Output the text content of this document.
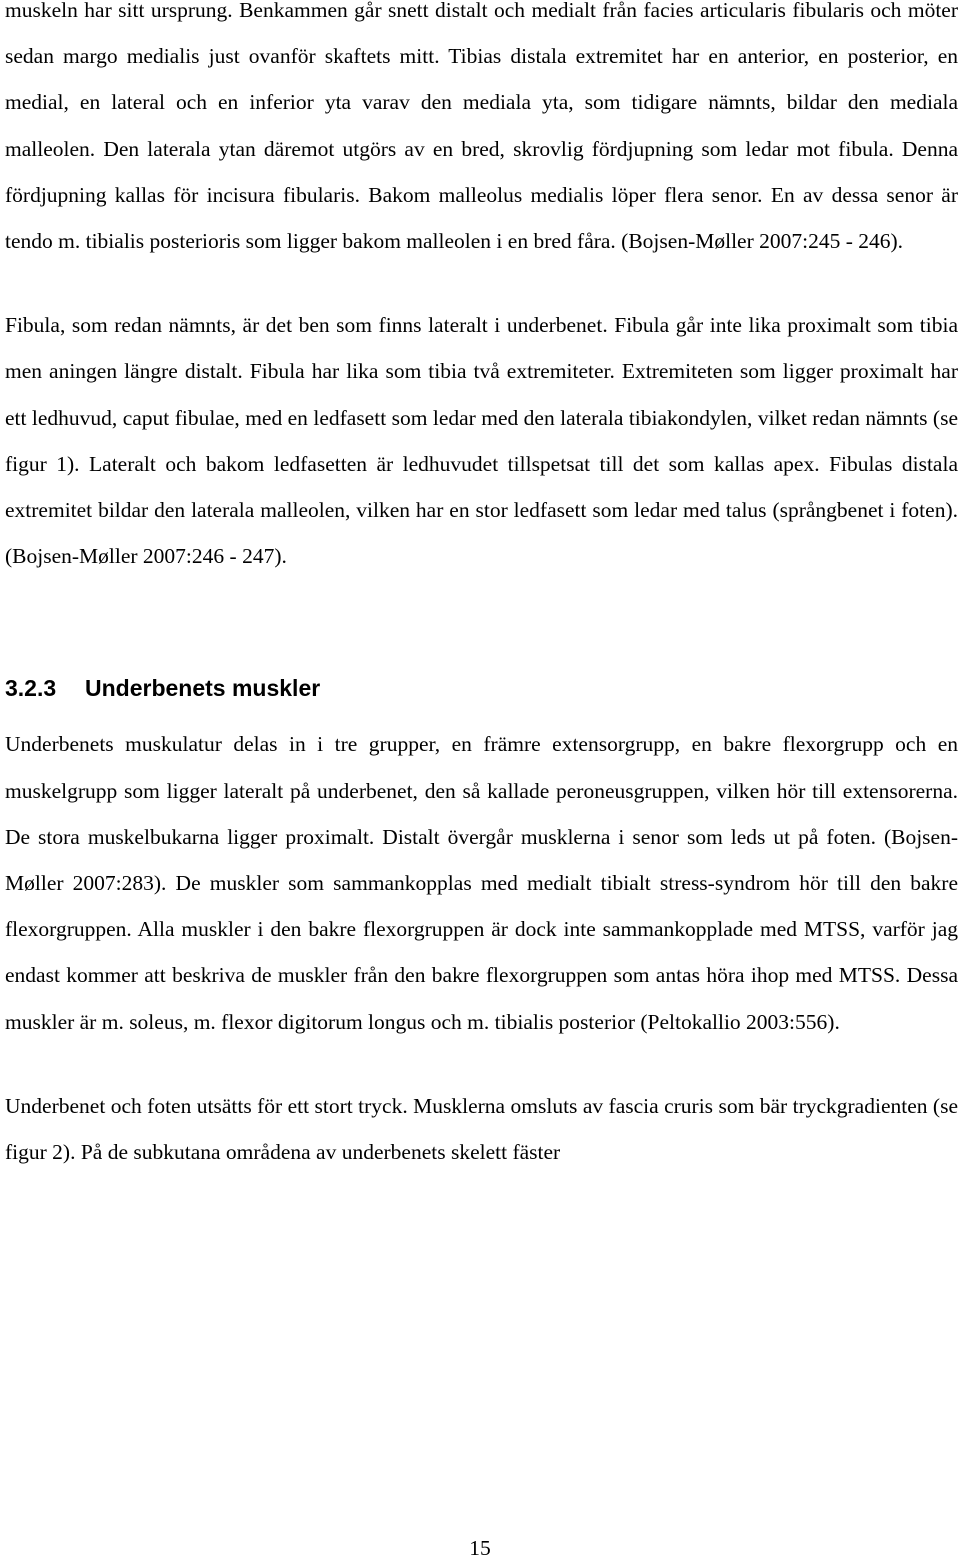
muskeln har sitt ursprung. Benkammen går snett distalt och medialt från facies articularis fibularis och möter sedan margo medialis just ovanför skaftets mitt. Tibias distala extremitet har en anterior, en posterior, en medial, en lateral och en inferior yta varav den mediala yta, som tidigare nämnts, bildar den mediala malleolen. Den laterala ytan däremot utgörs av en bred, skrovlig fördjupning som ledar mot fibula. Denna fördjupning kallas för incisura fibularis. Bakom malleolus medialis löper flera senor. En av dessa senor är tendo m. tibialis posterioris som ligger bakom malleolen i en bred fåra. (Bojsen-Møller 2007:245 - 246).

Fibula, som redan nämnts, är det ben som finns lateralt i underbenet. Fibula går inte lika proximalt som tibia men aningen längre distalt. Fibula har lika som tibia två extremiteter. Extremiteten som ligger proximalt har ett ledhuvud, caput fibulae, med en ledfasett som ledar med den laterala tibiakondylen, vilket redan nämnts (se figur 1). Lateralt och bakom ledfasetten är ledhuvudet tillspetsat till det som kallas apex. Fibulas distala extremitet bildar den laterala malleolen, vilken har en stor ledfasett som ledar med talus (språngbenet i foten). (Bojsen-Møller 2007:246 - 247).

3.2.3 Underbenets muskler

Underbenets muskulatur delas in i tre grupper, en främre extensorgrupp, en bakre flexorgrupp och en muskelgrupp som ligger lateralt på underbenet, den så kallade peroneusgruppen, vilken hör till extensorerna. De stora muskelbukarna ligger proximalt. Distalt övergår musklerna i senor som leds ut på foten. (Bojsen-Møller 2007:283). De muskler som sammankopplas med medialt tibialt stress-syndrom hör till den bakre flexorgruppen. Alla muskler i den bakre flexorgruppen är dock inte sammankopplade med MTSS, varför jag endast kommer att beskriva de muskler från den bakre flexorgruppen som antas höra ihop med MTSS. Dessa muskler är m. soleus, m. flexor digitorum longus och m. tibialis posterior (Peltokallio 2003:556).

Underbenet och foten utsätts för ett stort tryck. Musklerna omsluts av fascia cruris som bär tryckgradienten (se figur 2). På de subkutana områdena av underbenets skelett fäster

15
